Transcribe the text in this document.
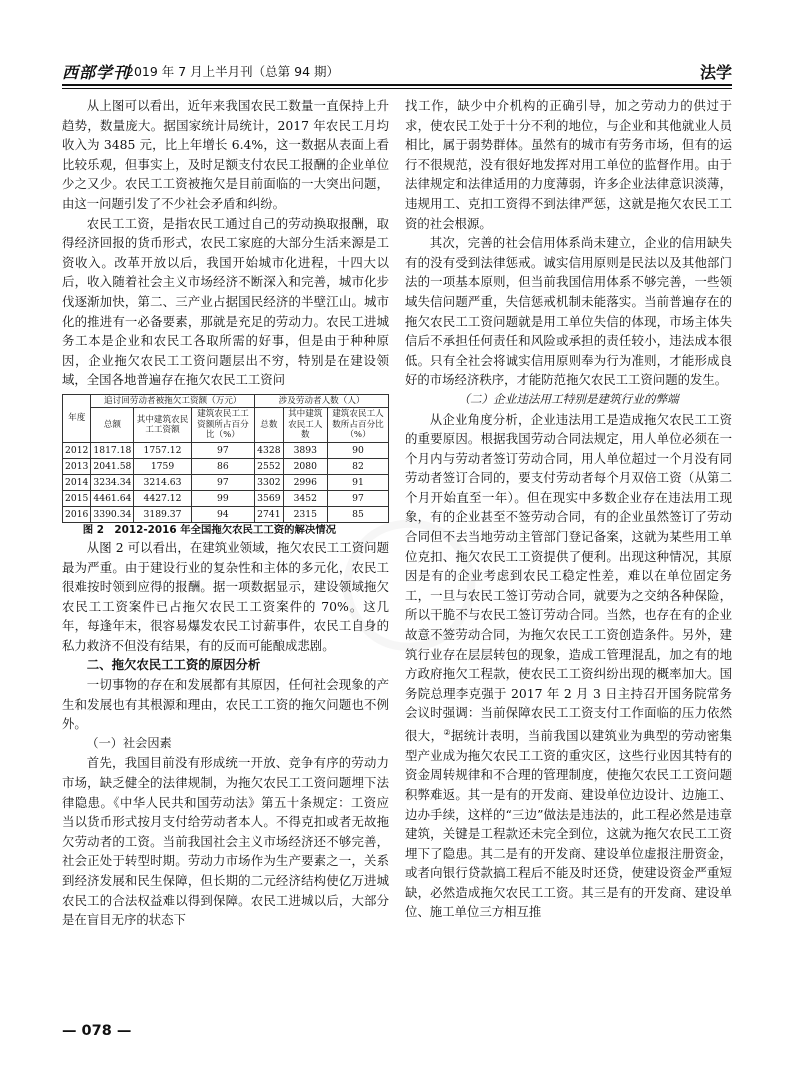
西部学刊
2019 年 7 月上半月刊（总第 94 期）	法学

从上图可以看出，近年来我国农民工数量一直保持上升趋势，数量庞大。据国家统计局统计，2017 年农民工月均收入为 3485 元，比上年增长 6.4%，这一数据从表面上看比较乐观，但事实上，及时足额支付农民工报酬的企业单位少之又少。农民工工资被拖欠是目前面临的一大突出问题，由这一问题引发了不少社会矛盾和纠纷。

农民工工资，是指农民工通过自己的劳动换取报酬，取得经济回报的货币形式，农民工家庭的大部分生活来源是工资收入。改革开放以后，我国开始城市化进程，十四大以后，收入随着社会主义市场经济不断深入和完善，城市化步伐逐渐加快，第二、三产业占据国民经济的半壁江山。城市化的推进有一必备要素，那就是充足的劳动力。农民工进城务工本是企业和农民工各取所需的好事，但是由于种种原因，企业拖欠农民工工资问题层出不穷，特别是在建设领域，全国各地普遍存在拖欠农民工工资问

年度	追讨回劳动者被拖欠工资额（万元）			涉及劳动者人数（人）		
	总额	其中建筑农民工工资额	建筑农民工工资额所占百分比（%）	总数	其中建筑农民工人数	建筑农民工人数所占百分比（%）
2012	1817.18	1757.12	97	4328	3893	90
2013	2041.58	1759	86	2552	2080	82
2014	3234.34	3214.63	97	3302	2996	91
2015	4461.64	4427.12	99	3569	3452	97
2016	3390.34	3189.37	94	2741	2315	85

图 2　2012-2016 年全国拖欠农民工工资的解决情况

从图 2 可以看出，在建筑业领域，拖欠农民工工资问题最为严重。由于建设行业的复杂性和主体的多元化，农民工很难按时领到应得的报酬。据一项数据显示，建设领域拖欠农民工工资案件已占拖欠农民工工资案件的 70%。这几年，每逢年末，很容易爆发农民工讨薪事件，农民工自身的私力救济不但没有结果，有的反而可能酿成悲剧。

二、拖欠农民工工资的原因分析

一切事物的存在和发展都有其原因，任何社会现象的产生和发展也有其根源和理由，农民工工资的拖欠问题也不例外。

（一）社会因素

首先，我国目前没有形成统一开放、竞争有序的劳动力市场，缺乏健全的法律规制，为拖欠农民工工资问题埋下法律隐患。《中华人民共和国劳动法》第五十条规定：工资应当以货币形式按月支付给劳动者本人。不得克扣或者无故拖欠劳动者的工资。当前我国社会主义市场经济还不够完善，社会正处于转型时期。劳动力市场作为生产要素之一，关系到经济发展和民生保障，但长期的二元经济结构使亿万进城农民工的合法权益难以得到保障。农民工进城以后，大部分是在盲目无序的状态下

找工作，缺少中介机构的正确引导，加之劳动力的供过于求，使农民工处于十分不利的地位，与企业和其他就业人员相比，属于弱势群体。虽然有的城市有劳务市场，但有的运行不很规范，没有很好地发挥对用工单位的监督作用。由于法律规定和法律适用的力度薄弱，许多企业法律意识淡薄，违规用工、克扣工资得不到法律严惩，这就是拖欠农民工工资的社会根源。

其次，完善的社会信用体系尚未建立，企业的信用缺失有的没有受到法律惩戒。诚实信用原则是民法以及其他部门法的一项基本原则，但当前我国信用体系不够完善，一些领域失信问题严重，失信惩戒机制未能落实。当前普遍存在的拖欠农民工工资问题就是用工单位失信的体现，市场主体失信后不承担任何责任和风险或承担的责任较小，违法成本很低。只有全社会将诚实信用原则奉为行为准则，才能形成良好的市场经济秩序，才能防范拖欠农民工工资问题的发生。

（二）企业违法用工特别是建筑行业的弊端

从企业角度分析，企业违法用工是造成拖欠农民工工资的重要原因。根据我国劳动合同法规定，用人单位必须在一个月内与劳动者签订劳动合同，用人单位超过一个月没有同劳动者签订合同的，要支付劳动者每个月双倍工资（从第二个月开始直至一年）。但在现实中多数企业存在违法用工现象，有的企业甚至不签劳动合同，有的企业虽然签订了劳动合同但不去当地劳动主管部门登记备案，这就为某些用工单位克扣、拖欠农民工工资提供了便利。出现这种情况，其原因是有的企业考虑到农民工稳定性差，难以在单位固定务工，一旦与农民工签订劳动合同，就要为之交纳各种保险，所以干脆不与农民工签订劳动合同。当然，也存在有的企业故意不签劳动合同，为拖欠农民工工资创造条件。另外，建筑行业存在层层转包的现象，造成工管理混乱，加之有的地方政府拖欠工程款，使农民工工资纠纷出现的概率加大。国务院总理李克强于 2017 年 2 月 3 日主持召开国务院常务会议时强调：当前保障农民工工资支付工作面临的压力依然很大，②据统计表明，当前我国以建筑业为典型的劳动密集型产业成为拖欠农民工工资的重灾区，这些行业因其特有的资金周转规律和不合理的管理制度，使拖欠农民工工资问题积弊难返。其一是有的开发商、建设单位边设计、边施工、边办手续，这样的“三边”做法是违法的，此工程必然是违章建筑，关键是工程款还未完全到位，这就为拖欠农民工工资埋下了隐患。其二是有的开发商、建设单位虚报注册资金，或者向银行贷款搞工程后不能及时还贷，使建设资金严重短缺，必然造成拖欠农民工工资。其三是有的开发商、建设单位、施工单位三方相互推

— 078 —
